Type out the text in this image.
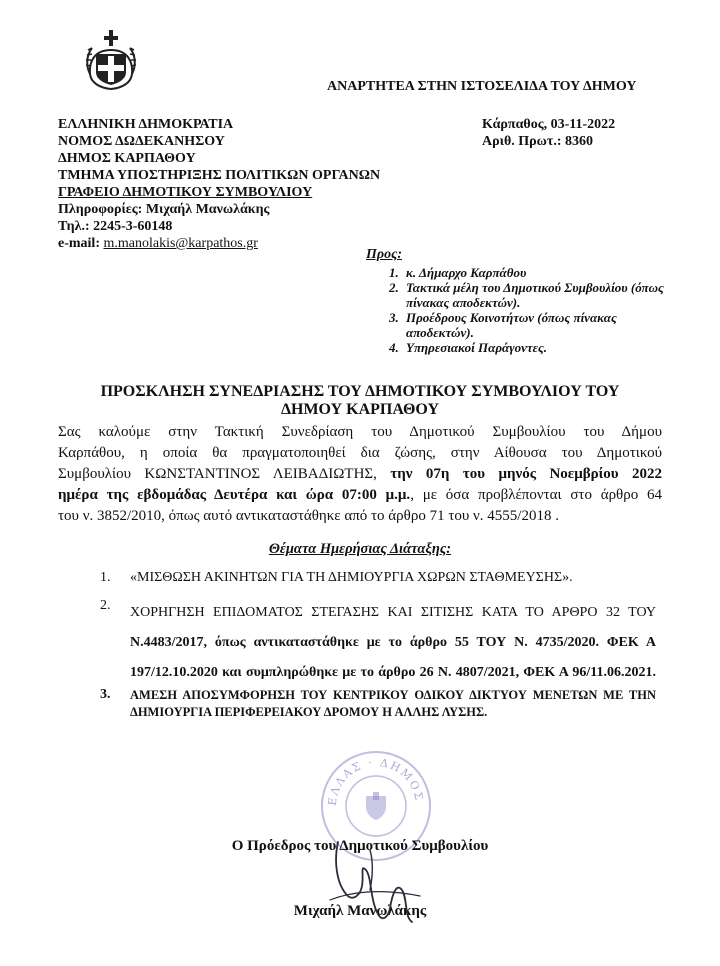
ΑΝΑΡΤΗΤΕΑ ΣΤΗΝ ΙΣΤΟΣΕΛΙΔΑ ΤΟΥ ΔΗΜΟΥ
ΕΛΛΗΝΙΚΗ ΔΗΜΟΚΡΑΤΙΑ
ΝΟΜΟΣ ΔΩΔΕΚΑΝΗΣΟΥ
ΔΗΜΟΣ ΚΑΡΠΑΘΟΥ
ΤΜΗΜΑ ΥΠΟΣΤΗΡΙΞΗΣ ΠΟΛΙΤΙΚΩΝ ΟΡΓΑΝΩΝ
ΓΡΑΦΕΙΟ ΔΗΜΟΤΙΚΟΥ ΣΥΜΒΟΥΛΙΟΥ
Πληροφορίες: Μιχαήλ Μανωλάκης
Τηλ.: 2245-3-60148
e-mail: m.manolakis@karpathos.gr
Κάρπαθος, 03-11-2022
Αριθ. Πρωτ.: 8360
Προς:
1. κ. Δήμαρχο Καρπάθου
2. Τακτικά μέλη του Δημοτικού Συμβουλίου (όπως πίνακας αποδεκτών).
3. Προέδρους Κοινοτήτων (όπως πίνακας αποδεκτών).
4. Υπηρεσιακοί Παράγοντες.
ΠΡΟΣΚΛΗΣΗ ΣΥΝΕΔΡΙΑΣΗΣ ΤΟΥ ΔΗΜΟΤΙΚΟΥ ΣΥΜΒΟΥΛΙΟΥ ΤΟΥ
ΔΗΜΟΥ ΚΑΡΠΑΘΟΥ
Σας καλούμε στην Τακτική Συνεδρίαση του Δημοτικού Συμβουλίου του Δήμου
Καρπάθου, η οποία θα πραγματοποιηθεί δια ζώσης, στην Αίθουσα του Δημοτικού
Συμβουλίου ΚΩΝΣΤΑΝΤΙΝΟΣ ΛΕΙΒΑΔΙΩΤΗΣ, την 07η του μηνός Νοεμβρίου 2022
ημέρα της εβδομάδας Δευτέρα και ώρα 07:00 μ.μ., με όσα προβλέπονται στο άρθρο 64
του ν. 3852/2010, όπως αυτό αντικαταστάθηκε από το άρθρο 71 του ν. 4555/2018 .
Θέματα Ημερήσιας Διάταξης:
1. «ΜΙΣΘΩΣΗ ΑΚΙΝΗΤΩΝ ΓΙΑ ΤΗ ΔΗΜΙΟΥΡΓΙΑ ΧΩΡΩΝ ΣΤΑΘΜΕΥΣΗΣ».
2. ΧΟΡΗΓΗΣΗ ΕΠΙΔΟΜΑΤΟΣ ΣΤΕΓΑΣΗΣ ΚΑΙ ΣΙΤΙΣΗΣ ΚΑΤΑ ΤΟ ΑΡΘΡΟ 32 ΤΟΥ
Ν.4483/2017, όπως αντικαταστάθηκε με το άρθρο 55 ΤΟΥ Ν. 4735/2020. ΦΕΚ Α
197/12.10.2020 και συμπληρώθηκε με το άρθρο 26 Ν. 4807/2021, ΦΕΚ Α 96/11.06.2021.
3. ΑΜΕΣΗ ΑΠΟΣΥΜΦΟΡΗΣΗ ΤΟΥ ΚΕΝΤΡΙΚΟΥ ΟΔΙΚΟΥ ΔΙΚΤΥΟΥ ΜΕΝΕΤΩΝ ΜΕ ΤΗΝ
ΔΗΜΙΟΥΡΓΙΑ ΠΕΡΙΦΕΡΕΙΑΚΟΥ ΔΡΟΜΟΥ Η ΑΛΛΗΣ ΛΥΣΗΣ.
ΕΛΛΑΣ · ΔΗΜΟΣ
Ο Πρόεδρος του Δημοτικού Συμβουλίου
Μιχαήλ Μανωλάκης
